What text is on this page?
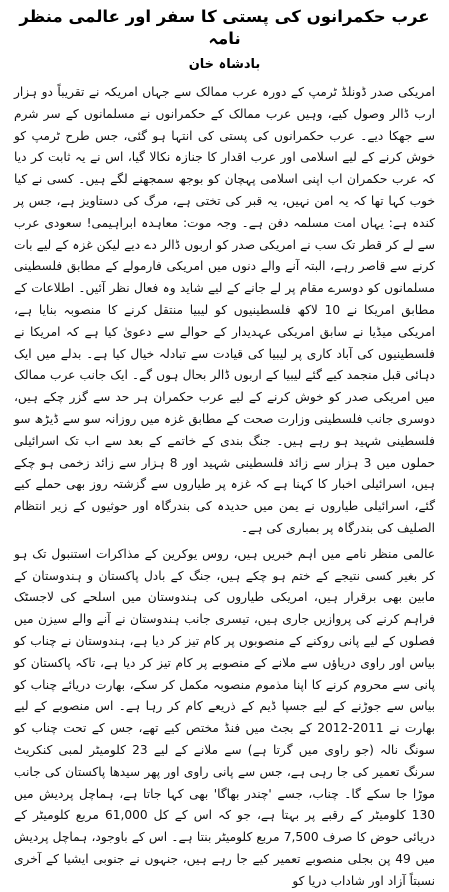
عرب حکمرانوں کی پستی کا سفر اور عالمی منظر نامہ
بادشاہ خان

امریکی صدر ڈونلڈ ٹرمپ کے دورہ عرب ممالک سے جہاں امریکہ نے تقریباً دو ہزار ارب ڈالر وصول کیے، وہیں عرب ممالک کے حکمرانوں نے مسلمانوں کے سر شرم سے جھکا دیے۔ عرب حکمرانوں کی پستی کی انتہا ہو گئی، جس طرح ٹرمپ کو خوش کرنے کے لیے اسلامی اور عرب اقدار کا جنازہ نکالا گیا، اس نے یہ ثابت کر دیا کہ عرب حکمران اب اپنی اسلامی پہچان کو بوجھ سمجھنے لگے ہیں۔ کسی نے کیا خوب کہا تھا کہ یہ امن نہیں، یہ قبر کی تختی ہے، مرگ کی دستاویز ہے، جس پر کندہ ہے: یہاں امت مسلمہ دفن ہے۔ وجہ موت: معاہدہ ابراہیمی! سعودی عرب سے لے کر قطر تک سب نے امریکی صدر کو اربوں ڈالر دے دیے لیکن غزہ کے لیے بات کرنے سے قاصر رہے، البتہ آنے والے دنوں میں امریکی فارمولے کے مطابق فلسطینی مسلمانوں کو دوسرے مقام پر لے جانے کے لیے شاید وہ فعال نظر آئیں۔ اطلاعات کے مطابق امریکا نے 10 لاکھ فلسطینیوں کو لیبیا منتقل کرنے کا منصوبہ بنایا ہے، امریکی میڈیا نے سابق امریکی عہدیدار کے حوالے سے دعویٰ کیا ہے کہ امریکا نے فلسطینیوں کی آباد کاری پر لیبیا کی قیادت سے تبادلہ خیال کیا ہے۔ بدلے میں ایک دہائی قبل منجمد کیے گئے لیبیا کے اربوں ڈالر بحال ہوں گے۔ ایک جانب عرب ممالک میں امریکی صدر کو خوش کرنے کے لیے عرب حکمران ہر حد سے گزر چکے ہیں، دوسری جانب فلسطینی وزارت صحت کے مطابق غزہ میں روزانہ سو سے ڈیڑھ سو فلسطینی شہید ہو رہے ہیں۔ جنگ بندی کے خاتمے کے بعد سے اب تک اسرائیلی حملوں میں 3 ہزار سے زائد فلسطینی شہید اور 8 ہزار سے زائد زخمی ہو چکے ہیں، اسرائیلی اخبار کا کہنا ہے کہ غزہ پر طیاروں سے گزشتہ روز بھی حملے کیے گئے، اسرائیلی طیاروں نے یمن میں حدیدہ کی بندرگاہ اور حوثیوں کے زیر انتظام الصلیف کی بندرگاہ پر بمباری کی ہے۔

عالمی منظر نامے میں اہم خبریں ہیں، روس یوکرین کے مذاکرات استنبول تک ہو کر بغیر کسی نتیجے کے ختم ہو چکے ہیں، جنگ کے بادل پاکستان و ہندوستان کے مابین بھی برقرار ہیں، امریکی طیاروں کی ہندوستان میں اسلحے کی لاجسٹک فراہم کرنے کی پروازیں جاری ہیں، تیسری جانب ہندوستان نے آنے والے سیزن میں فصلوں کے لیے پانی روکنے کے منصوبوں پر کام تیز کر دیا ہے، ہندوستان نے چناب کو بیاس اور راوی دریاؤں سے ملانے کے منصوبے پر کام تیز کر دیا ہے، تاکہ پاکستان کو پانی سے محروم کرنے کا اپنا مذموم منصوبہ مکمل کر سکے، بھارت دریائے چناب کو بیاس سے جوڑنے کے لیے جسپا ڈیم کے ذریعے کام کر رہا ہے۔ اس منصوبے کے لیے بھارت نے 2011-2012 کے بجٹ میں فنڈ مختص کیے تھے، جس کے تحت چناب کو سونگ نالہ (جو راوی میں گرتا ہے) سے ملانے کے لیے 23 کلومیٹر لمبی کنکریٹ سرنگ تعمیر کی جا رہی ہے، جس سے پانی راوی اور پھر سیدھا پاکستان کی جانب موڑا جا سکے گا۔ چناب، جسے 'چندر بھاگا' بھی کہا جاتا ہے، ہماچل پردیش میں 130 کلومیٹر کے رقبے پر بہتا ہے، جو کہ اس کے کل 61,000 مربع کلومیٹر کے دریائی حوض کا صرف 7,500 مربع کلومیٹر بنتا ہے۔ اس کے باوجود، ہماچل پردیش میں 49 پن بجلی منصوبے تعمیر کیے جا رہے ہیں، جنہوں نے جنوبی ایشیا کے آخری نسبتاً آزاد اور شاداب دریا کو
